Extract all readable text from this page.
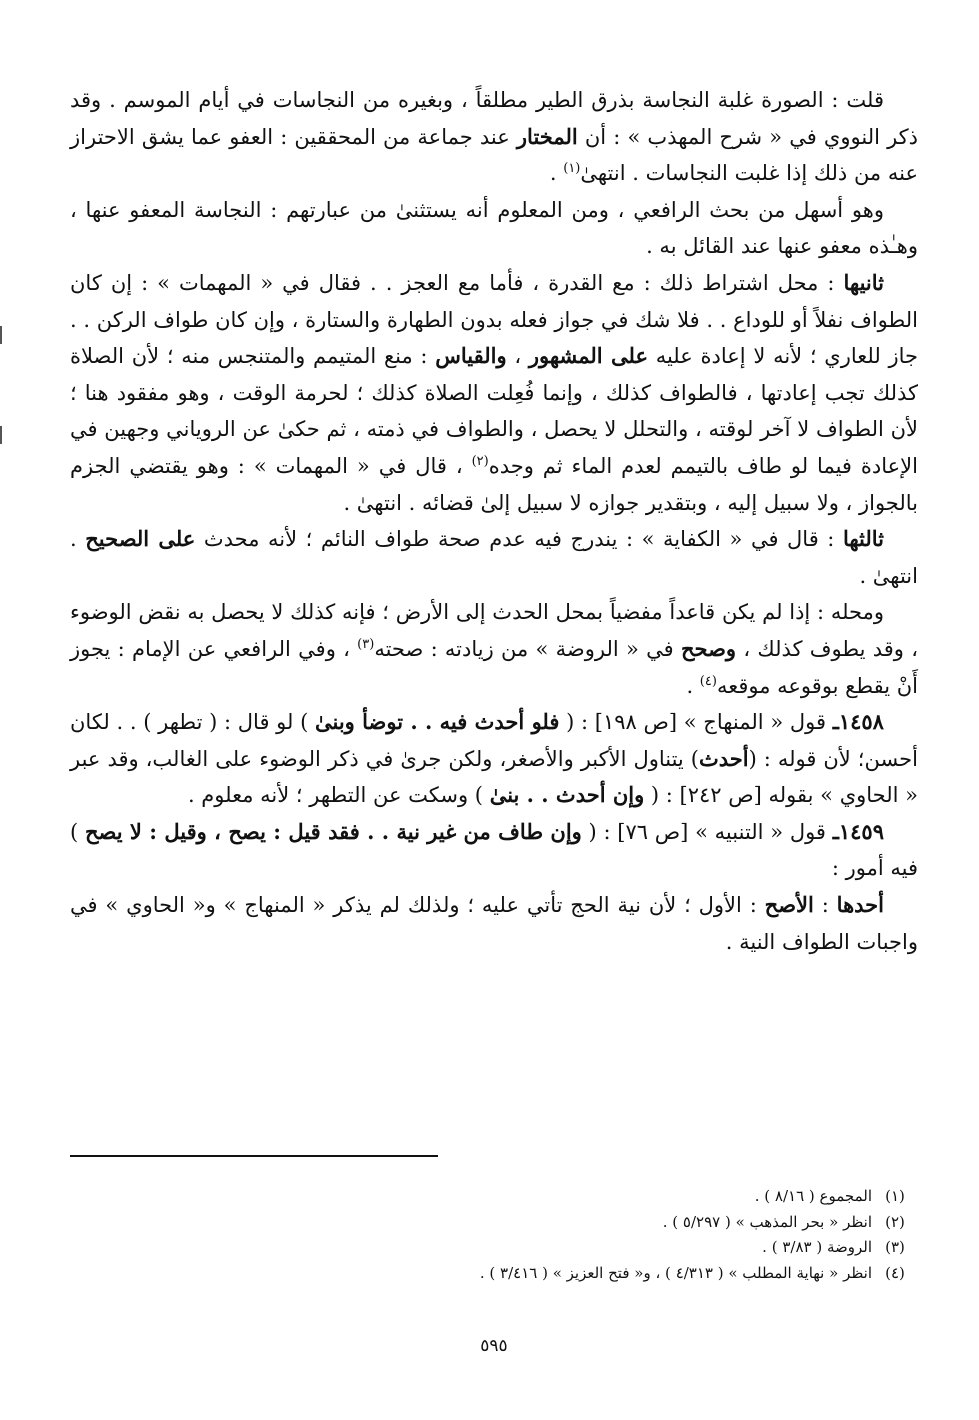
قلت : الصورة غلبة النجاسة بذرق الطير مطلقاً ، وبغيره من النجاسات في أيام الموسم . وقد ذكر النووي في « شرح المهذب » : أن المختار عند جماعة من المحققين : العفو عما يشق الاحتراز عنه من ذلك إذا غلبت النجاسات . انتهىٰ$^{(١)}$ .

وهو أسهل من بحث الرافعي ، ومن المعلوم أنه يستثنىٰ من عبارتهم : النجاسة المعفو عنها ، وهـٰذه معفو عنها عند القائل به .

ثانيها : محل اشتراط ذلك : مع القدرة ، فأما مع العجز . . فقال في « المهمات » : إن كان الطواف نفلاً أو للوداع . . فلا شك في جواز فعله بدون الطهارة والستارة ، وإن كان طواف الركن . . جاز للعاري ؛ لأنه لا إعادة عليه على المشهور ، والقياس : منع المتيمم والمتنجس منه ؛ لأن الصلاة كذلك تجب إعادتها ، فالطواف كذلك ، وإنما فُعِلت الصلاة كذلك ؛ لحرمة الوقت ، وهو مفقود هنا ؛ لأن الطواف لا آخر لوقته ، والتحلل لا يحصل ، والطواف في ذمته ، ثم حكىٰ عن الروياني وجهين في الإعادة فيما لو طاف بالتيمم لعدم الماء ثم وجده$^{(٢)}$ ، قال في « المهمات » : وهو يقتضي الجزم بالجواز ، ولا سبيل إليه ، وبتقدير جوازه لا سبيل إلىٰ قضائه . انتهىٰ .

ثالثها : قال في « الكفاية » : يندرج فيه عدم صحة طواف النائم ؛ لأنه محدث على الصحيح . انتهىٰ .

ومحله : إذا لم يكن قاعداً مفضياً بمحل الحدث إلى الأرض ؛ فإنه كذلك لا يحصل به نقض الوضوء ، وقد يطوف كذلك ، وصحح في « الروضة » من زيادته : صحته$^{(٣)}$ ، وفي الرافعي عن الإمام : يجوز أَنْ يقطع بوقوعه موقعه$^{(٤)}$ .

١٤٥٨ـ قول « المنهاج » [ص ١٩٨] : ( فلو أحدث فيه . . توضأ وبنىٰ ) لو قال : ( تطهر ) . . لكان أحسن؛ لأن قوله : (أحدث) يتناول الأكبر والأصغر، ولكن جرىٰ في ذكر الوضوء على الغالب، وقد عبر « الحاوي » بقوله [ص ٢٤٢] : ( وإن أحدث . . بنىٰ ) وسكت عن التطهر ؛ لأنه معلوم .

١٤٥٩ـ قول « التنبيه » [ص ٧٦] : ( وإن طاف من غير نية . . فقد قيل : يصح ، وقيل : لا يصح ) فيه أمور :

أحدها : الأصح : الأول ؛ لأن نية الحج تأتي عليه ؛ ولذلك لم يذكر « المنهاج » و« الحاوي » في واجبات الطواف النية .

(١)
المجموع ( ٨/١٦ ) .
(٢)
انظر « بحر المذهب » ( ٥/٢٩٧ ) .
(٣)
الروضة ( ٣/٨٣ ) .
(٤)
انظر « نهاية المطلب » ( ٤/٣١٣ ) ، و« فتح العزيز » ( ٣/٤١٦ ) .
٥٩٥
